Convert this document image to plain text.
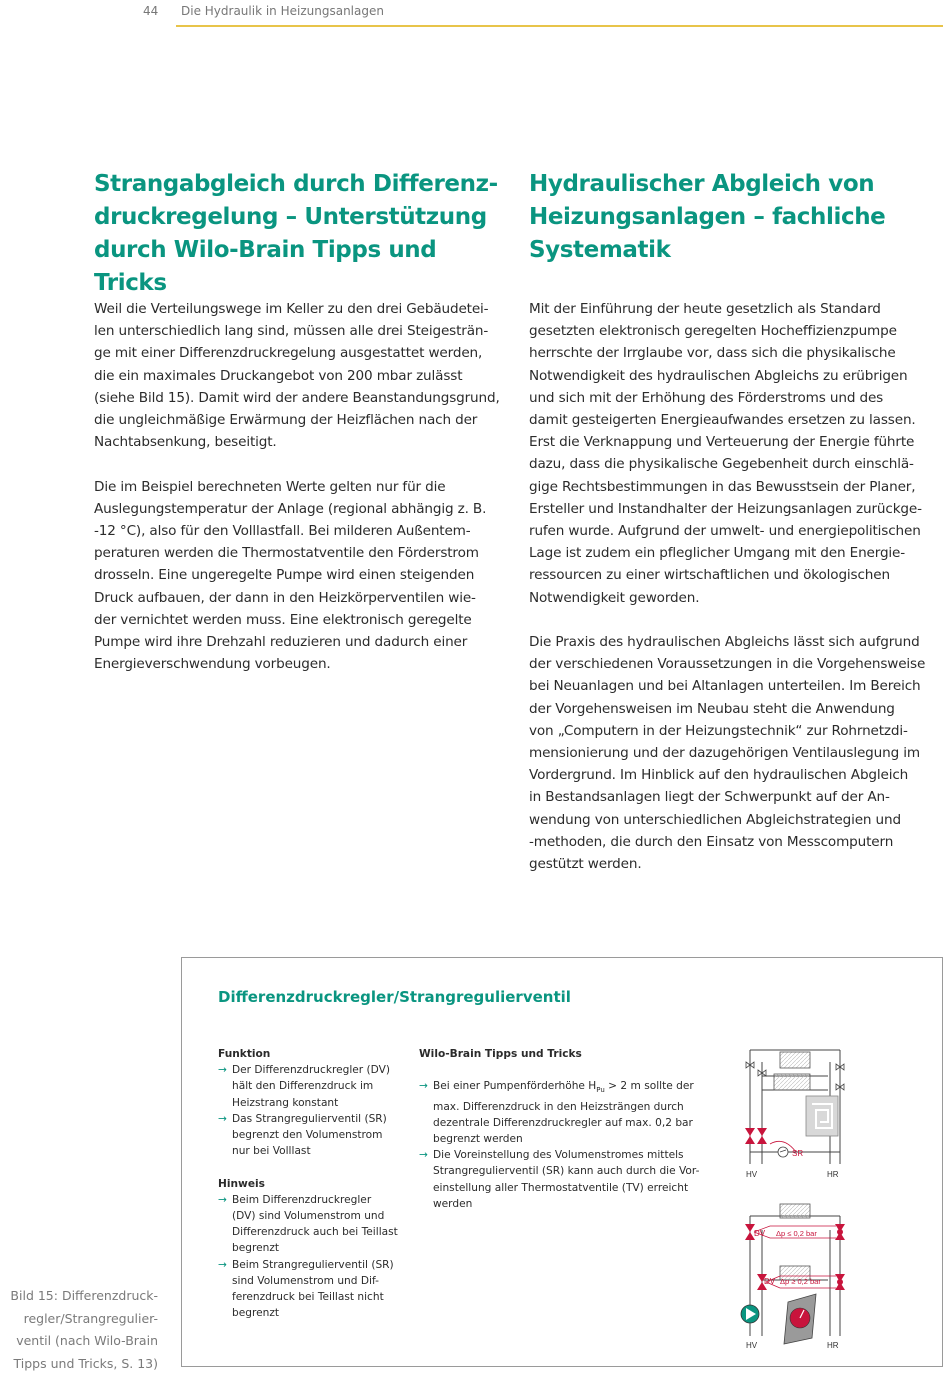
44 Die Hydraulik in Heizungsanlagen
Strangabgleich durch Differenz-
druckregelung – Unterstützung
durch Wilo-Brain Tipps und Tricks

Weil die Verteilungswege im Keller zu den drei Gebäudetei-

len unterschiedlich lang sind, müssen alle drei Steigesträn-

ge mit einer Differenzdruckregelung ausgestattet werden,

die ein maximales Druckangebot von 200 mbar zulässt

(siehe Bild 15). Damit wird der andere Beanstandungsgrund,

die ungleichmäßige Erwärmung der Heizflächen nach der

Nachtabsenkung, beseitigt.

Die im Beispiel berechneten Werte gelten nur für die

Auslegungstemperatur der Anlage (regional abhängig z. B.

-12 °C), also für den Volllastfall. Bei milderen Außentem-

peraturen werden die Thermostatventile den Förderstrom

drosseln. Eine ungeregelte Pumpe wird einen steigenden

Druck aufbauen, der dann in den Heizkörperventilen wie-

der vernichtet werden muss. Eine elektronisch geregelte

Pumpe wird ihre Drehzahl reduzieren und dadurch einer

Energieverschwendung vorbeugen.

Hydraulischer Abgleich von
Heizungsanlagen – fachliche
Systematik

Mit der Einführung der heute gesetzlich als Standard

gesetzten elektronisch geregelten Hocheffizienzpumpe

herrschte der Irrglaube vor, dass sich die physikalische

Notwendigkeit des hydraulischen Abgleichs zu erübrigen

und sich mit der Erhöhung des Förderstroms und des

damit gesteigerten Energieaufwandes ersetzen zu lassen.

Erst die Verknappung und Verteuerung der Energie führte

dazu, dass die physikalische Gegebenheit durch einschlä-

gige Rechtsbestimmungen in das Bewusstsein der Planer,

Ersteller und Instandhalter der Heizungsanlagen zurückge-

rufen wurde. Aufgrund der umwelt- und energiepolitischen

Lage ist zudem ein pfleglicher Umgang mit den Energie-

ressourcen zu einer wirtschaftlichen und ökologischen

Notwendigkeit geworden.

Die Praxis des hydraulischen Abgleichs lässt sich aufgrund

der verschiedenen Voraussetzungen in die Vorgehensweise

bei Neuanlagen und bei Altanlagen unterteilen. Im Bereich

der Vorgehensweisen im Neubau steht die Anwendung

von „Computern in der Heizungstechnik“ zur Rohrnetzdi-

mensionierung und der dazugehörigen Ventilauslegung im

Vordergrund. Im Hinblick auf den hydraulischen Abgleich

in Bestandsanlagen liegt der Schwerpunkt auf der An-

wendung von unterschiedlichen Abgleichstrategien und

-methoden, die durch den Einsatz von Messcomputern

gestützt werden.

Differenzdruckregler/Strangregulierventil
Funktion
→ Der Differenzdruckregler (DV)
hält den Differenzdruck im
Heizstrang konstant
→ Das Strangregulierventil (SR)
begrenzt den Volumenstrom
nur bei Volllast
Hinweis
→ Beim Differenzdruckregler
(DV) sind Volumenstrom und
Differenzdruck auch bei Teillast
begrenzt
→ Beim Strangregulierventil (SR)
sind Volumenstrom und Dif-
ferenzdruck bei Teillast nicht
begrenzt
Wilo-Brain Tipps und Tricks
→ Bei einer Pumpenförderhöhe $H_{Pu} > 2$ m sollte der
max. Differenzdruck in den Heizsträngen durch
dezentrale Differenzdruckregler auf max. 0,2 bar
begrenzt werden
→ Die Voreinstellung des Volumenstromes mittels
Strangregulierventil (SR) kann auch durch die Vor-
einstellung aller Thermostatventile (TV) erreicht
werden
SR
HV	HR
DV Δp ≤ 0,2 bar
DV Δp ≥ 0,2 bar
HV	HR

Bild 15: Differenzdruck-

regler/Strangregulier-

ventil (nach Wilo-Brain

Tipps und Tricks, S. 13)
